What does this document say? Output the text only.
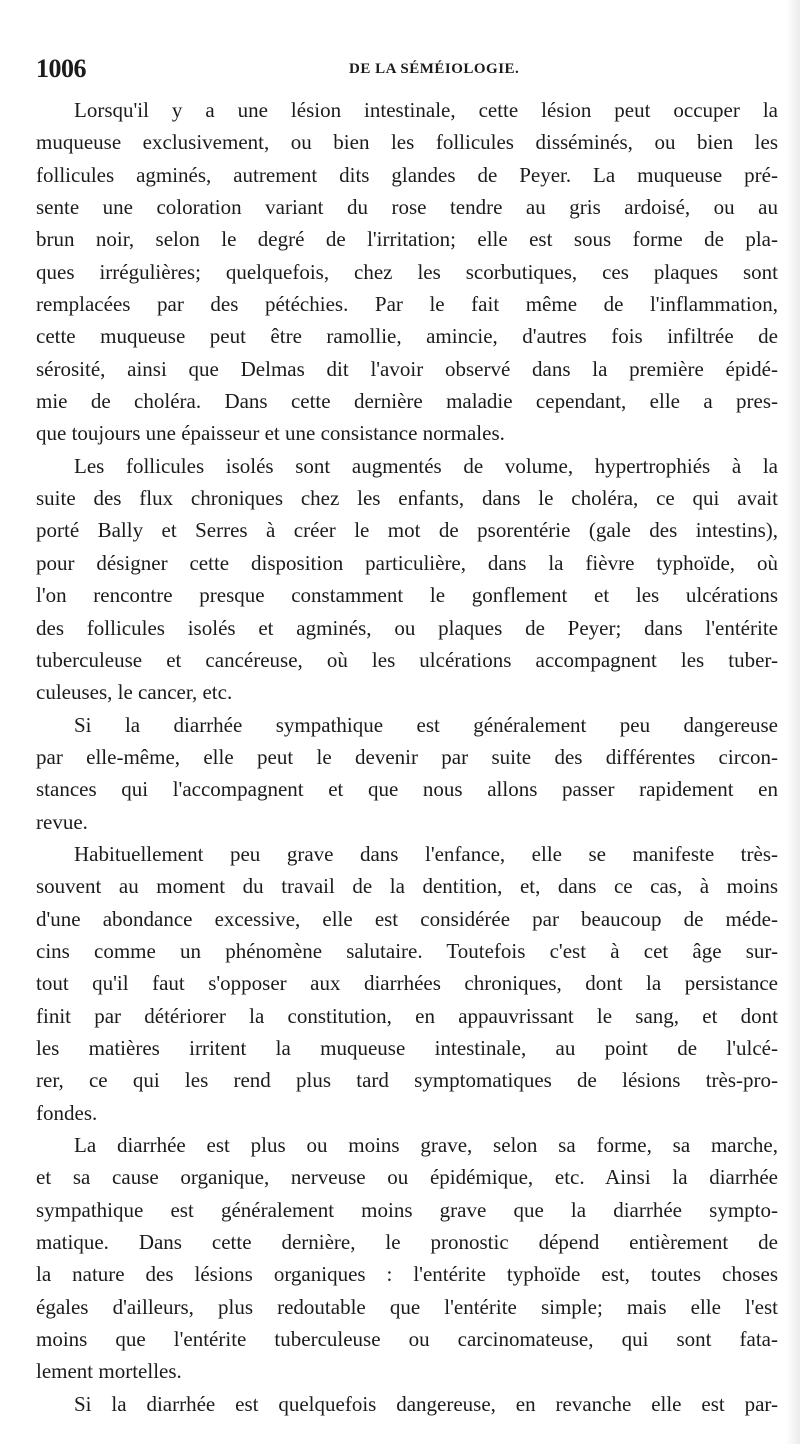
1006	DE LA SÉMÉIOLOGIE.
Lorsqu'il y a une lésion intestinale, cette lésion peut occuper la
muqueuse exclusivement, ou bien les follicules disséminés, ou bien les
follicules agminés, autrement dits glandes de Peyer. La muqueuse pré-
sente une coloration variant du rose tendre au gris ardoisé, ou au
brun noir, selon le degré de l'irritation; elle est sous forme de pla-
ques irrégulières; quelquefois, chez les scorbutiques, ces plaques sont
remplacées par des pétéchies. Par le fait même de l'inflammation,
cette muqueuse peut être ramollie, amincie, d'autres fois infiltrée de
sérosité, ainsi que Delmas dit l'avoir observé dans la première épidé-
mie de choléra. Dans cette dernière maladie cependant, elle a pres-
que toujours une épaisseur et une consistance normales.
Les follicules isolés sont augmentés de volume, hypertrophiés à la
suite des flux chroniques chez les enfants, dans le choléra, ce qui avait
porté Bally et Serres à créer le mot de psorentérie (gale des intestins),
pour désigner cette disposition particulière, dans la fièvre typhoïde, où
l'on rencontre presque constamment le gonflement et les ulcérations
des follicules isolés et agminés, ou plaques de Peyer; dans l'entérite
tuberculeuse et cancéreuse, où les ulcérations accompagnent les tuber-
culeuses, le cancer, etc.
Si la diarrhée sympathique est généralement peu dangereuse
par elle-même, elle peut le devenir par suite des différentes circon-
stances qui l'accompagnent et que nous allons passer rapidement en
revue.
Habituellement peu grave dans l'enfance, elle se manifeste très-
souvent au moment du travail de la dentition, et, dans ce cas, à moins
d'une abondance excessive, elle est considérée par beaucoup de méde-
cins comme un phénomène salutaire. Toutefois c'est à cet âge sur-
tout qu'il faut s'opposer aux diarrhées chroniques, dont la persistance
finit par détériorer la constitution, en appauvrissant le sang, et dont
les matières irritent la muqueuse intestinale, au point de l'ulcé-
rer, ce qui les rend plus tard symptomatiques de lésions très-pro-
fondes.
La diarrhée est plus ou moins grave, selon sa forme, sa marche,
et sa cause organique, nerveuse ou épidémique, etc. Ainsi la diarrhée
sympathique est généralement moins grave que la diarrhée sympto-
matique. Dans cette dernière, le pronostic dépend entièrement de
la nature des lésions organiques : l'entérite typhoïde est, toutes choses
égales d'ailleurs, plus redoutable que l'entérite simple; mais elle l'est
moins que l'entérite tuberculeuse ou carcinomateuse, qui sont fata-
lement mortelles.
Si la diarrhée est quelquefois dangereuse, en revanche elle est par-
